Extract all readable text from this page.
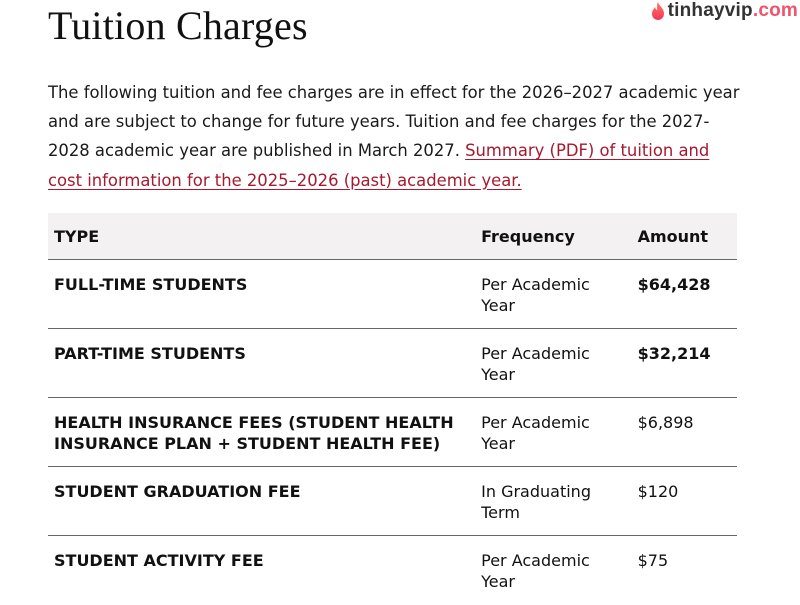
Tuition Charges	tinhayvip .com

The following tuition and fee charges are in effect for the 2026–2027 academic year and are subject to change for future years. Tuition and fee charges for the 2027-2028 academic year are published in March 2027. Summary (PDF) of tuition and cost information for the 2025–2026 (past) academic year.

TYPE	Frequency	Amount
FULL-TIME STUDENTS	Per Academic Year	$64,428
PART-TIME STUDENTS	Per Academic Year	$32,214
HEALTH INSURANCE FEES (STUDENT HEALTH INSURANCE PLAN + STUDENT HEALTH FEE)	Per Academic Year	$6,898
STUDENT GRADUATION FEE	In Graduating Term	$120
STUDENT ACTIVITY FEE	Per Academic Year	$75
